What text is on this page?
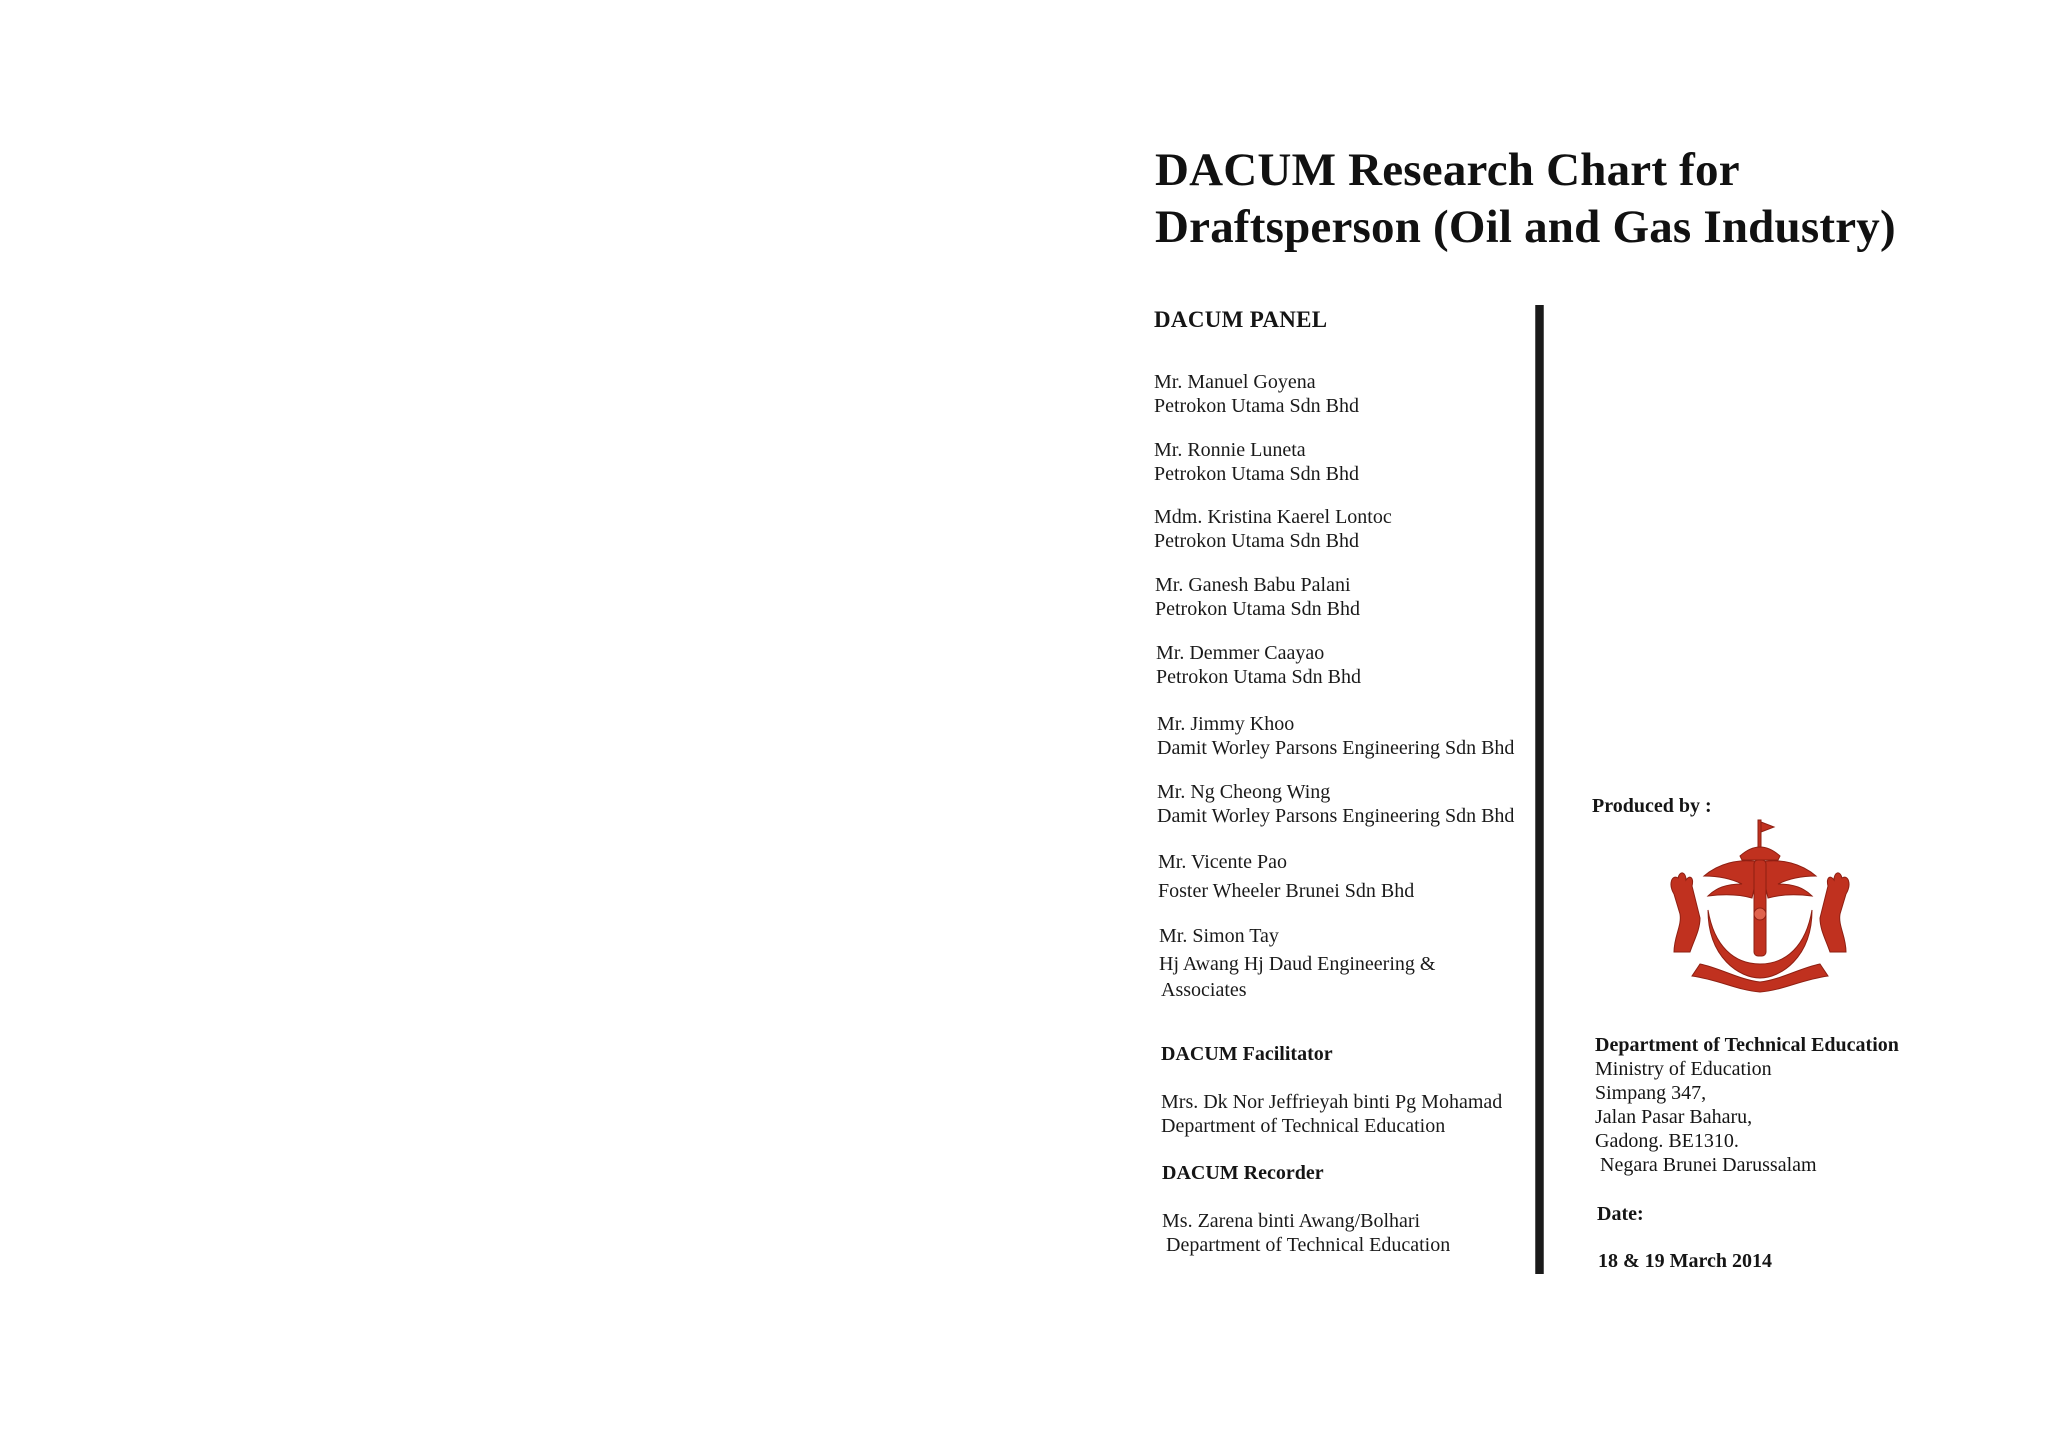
DACUM Research Chart for
Draftsperson (Oil and Gas Industry)
DACUM PANEL
Mr. Manuel Goyena
Petrokon Utama Sdn Bhd
Mr. Ronnie Luneta
Petrokon Utama Sdn Bhd
Mdm. Kristina Kaerel Lontoc
Petrokon Utama Sdn Bhd
Mr. Ganesh Babu Palani
Petrokon Utama Sdn Bhd
Mr. Demmer Caayao
Petrokon Utama Sdn Bhd
Mr. Jimmy Khoo
Damit Worley Parsons Engineering Sdn Bhd
Mr. Ng Cheong Wing
Damit Worley Parsons Engineering Sdn Bhd
Mr. Vicente Pao
Foster Wheeler Brunei Sdn Bhd
Mr. Simon Tay
Hj Awang Hj Daud Engineering &
Associates
DACUM Facilitator
Mrs. Dk Nor Jeffrieyah binti Pg Mohamad
Department of Technical Education
DACUM Recorder
Ms. Zarena binti Awang/Bolhari
Department of Technical Education
Produced by :
Department of Technical Education
Ministry of Education
Simpang 347,
Jalan Pasar Baharu,
Gadong. BE1310.
Negara Brunei Darussalam
Date:
18 & 19 March 2014
